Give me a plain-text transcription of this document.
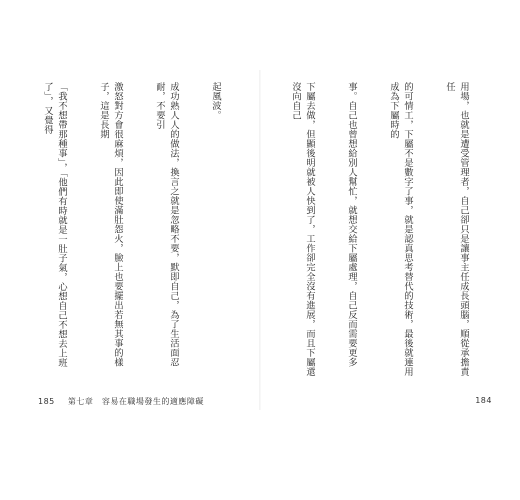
起風波。

成功熟人人的做法，換言之就是忽略不要，默即自己，為了生活面忍耐，不要引

激怒對方會很麻煩，因此即使滿肚怨火，臉上也要擺出若無其事的樣子，這是長期

「我不想帶那種事」，「他們有時就是一肚子氣，心想自己不想去上班了」，又覺得

	用場，也就是遭受管理者，自己卻只是讓事主任成長頭腦，順從承擔責任

的可情工，下屬不是數字了事，就是認真思考替代的技術，最後就連用成為下屬時的

事。自己也曾想給別人幫忙，就想交給下屬處理，自己反而需要更多

下屬去做，但顯後明就被人快到了，工作卻完全沒有進展，而且下屬還沒向自己

185 第七章　容易在職場發生的適應障礙	184
